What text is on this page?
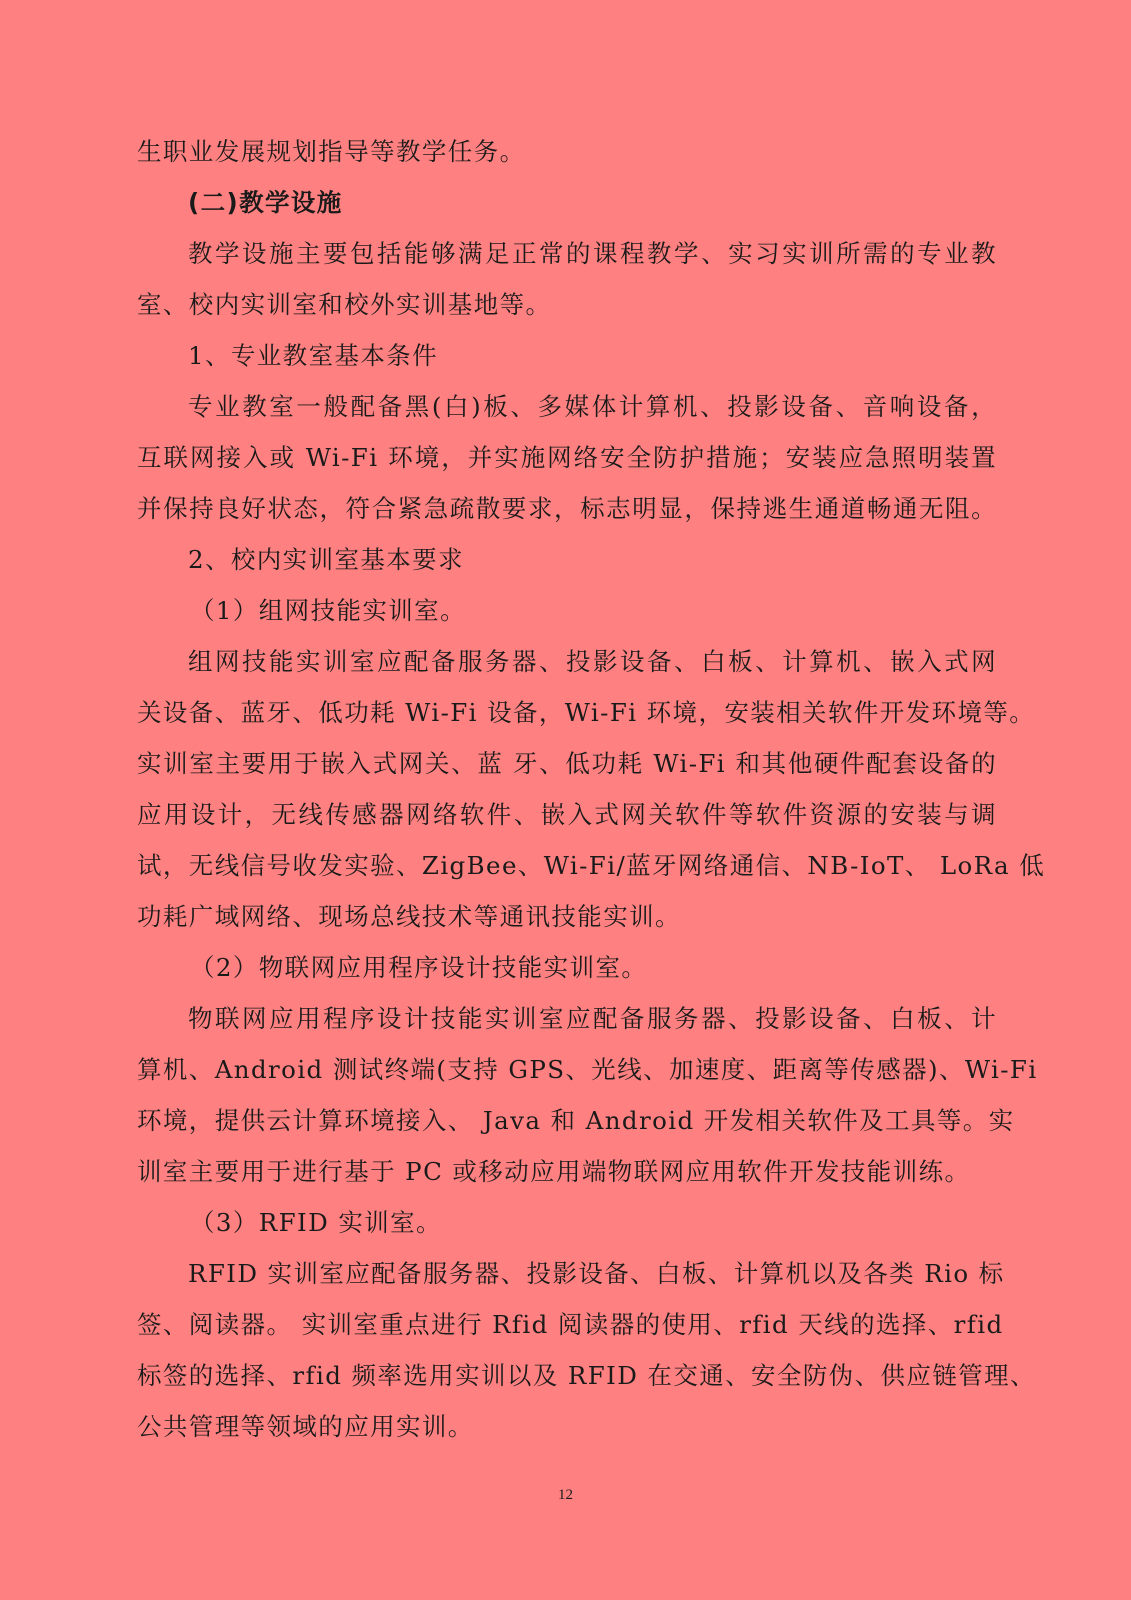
生职业发展规划指导等教学任务。
(二)教学设施
教学设施主要包括能够满足正常的课程教学、实习实训所需的专业教
室、校内实训室和校外实训基地等。
1、专业教室基本条件
专业教室一般配备黑(白)板、多媒体计算机、投影设备、音响设备，
互联网接入或 Wi-Fi 环境，并实施网络安全防护措施；安装应急照明装置
并保持良好状态，符合紧急疏散要求，标志明显，保持逃生通道畅通无阻。
2、校内实训室基本要求
（1）组网技能实训室。
组网技能实训室应配备服务器、投影设备、白板、计算机、嵌入式网
关设备、蓝牙、低功耗 Wi-Fi 设备，Wi-Fi 环境，安装相关软件开发环境等。
实训室主要用于嵌入式网关、蓝 牙、低功耗 Wi-Fi 和其他硬件配套设备的
应用设计，无线传感器网络软件、嵌入式网关软件等软件资源的安装与调
试，无线信号收发实验、ZigBee、Wi-Fi/蓝牙网络通信、NB-IoT、 LoRa 低
功耗广域网络、现场总线技术等通讯技能实训。
（2）物联网应用程序设计技能实训室。
物联网应用程序设计技能实训室应配备服务器、投影设备、白板、计
算机、Android 测试终端(支持 GPS、光线、加速度、距离等传感器)、Wi-Fi
环境，提供云计算环境接入、 Java 和 Android 开发相关软件及工具等。实
训室主要用于进行基于 PC 或移动应用端物联网应用软件开发技能训练。
（3）RFID 实训室。
RFID 实训室应配备服务器、投影设备、白板、计算机以及各类 Rio 标
签、阅读器。 实训室重点进行 Rfid 阅读器的使用、rfid 天线的选择、rfid
标签的选择、rfid 频率选用实训以及 RFID 在交通、安全防伪、供应链管理、
公共管理等领域的应用实训。
12
